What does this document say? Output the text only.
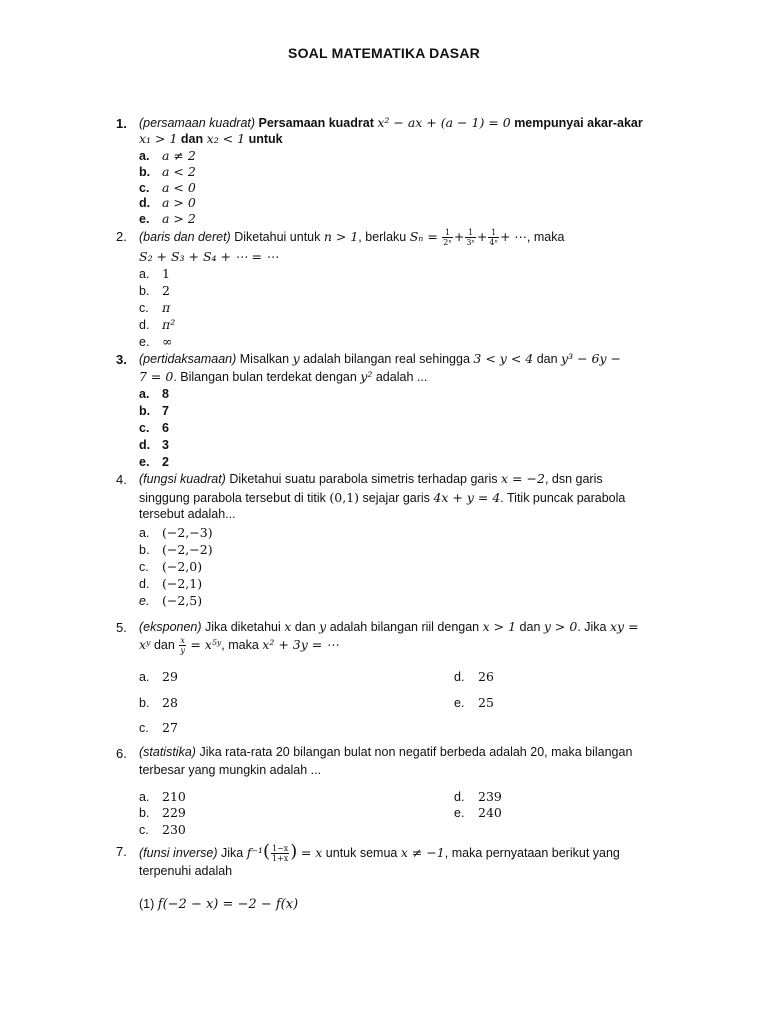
SOAL MATEMATIKA DASAR
1. (persamaan kuadrat) Persamaan kuadrat x² − ax + (a − 1) = 0 mempunyai akar-akar
x₁ > 1 dan x₂ < 1 untuk
a. a ≠ 2
b. a < 2
c. a < 0
d. a > 0
e. a > 2
2. (baris dan deret) Diketahui untuk n > 1, berlaku $S_n = \frac{1}{\text{2ⁿ}} + \frac{1}{\text{3ⁿ}} + \frac{1}{\text{4ⁿ}}$ + ⋯, maka
S₂ + S₃ + S₄ + ⋯ = ⋯
a. 1
b. 2
c. π
d. π²
e. ∞
3. (pertidaksamaan) Misalkan y adalah bilangan real sehingga 3 < y < 4 dan y³ − 6y −
7 = 0. Bilangan bulan terdekat dengan y² adalah ...
a. 8
b. 7
c. 6
d. 3
e. 2
4. (fungsi kuadrat) Diketahui suatu parabola simetris terhadap garis x = −2, dsn garis
singgung parabola tersebut di titik (0,1) sejajar garis 4x + y = 4. Titik puncak parabola
tersebut adalah...
a. (−2,−3)
b. (−2,−2)
c. (−2,0)
d. (−2,1)
e. (−2,5)
5. (eksponen) Jika diketahui x dan y adalah bilangan riil dengan x > 1 dan y > 0. Jika xy =
xʸ dan $\frac{x}{y}$ = x⁵ʸ, maka x² + 3y = ⋯
a. 29
b. 28
c. 27
d. 26
e. 25
6. (statistika) Jika rata-rata 20 bilangan bulat non negatif berbeda adalah 20, maka bilangan
terbesar yang mungkin adalah ...
a. 210
b. 229
c. 230
d. 239
e. 240
7. (funsi inverse) Jika $f^{-1}( \frac{1-x}{1+x}$ ) = x untuk semua x ≠ −1, maka pernyataan berikut yang
terpenuhi adalah
(1) f(−2 − x) = −2 − f(x)
